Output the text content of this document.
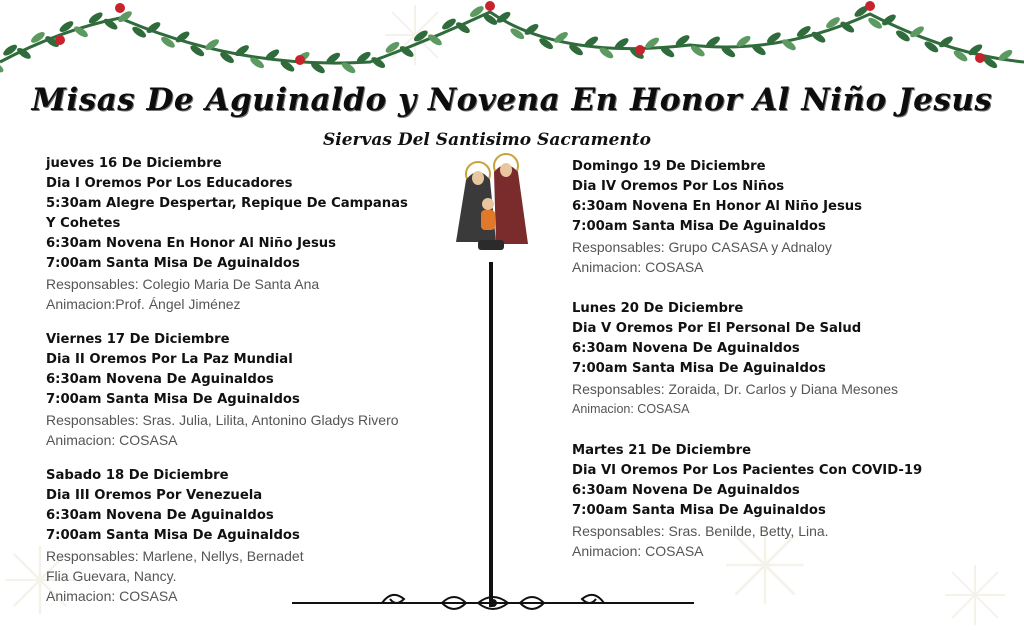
Misas De Aguinaldo y Novena En Honor Al Niño Jesus
Siervas Del Santisimo Sacramento
jueves 16 De Diciembre
Dia I Oremos Por Los Educadores
5:30am Alegre Despertar, Repique De Campanas
Y Cohetes
6:30am Novena En Honor Al Niño Jesus
7:00am Santa Misa De Aguinaldos
Responsables: Colegio Maria De Santa Ana
Animacion:Prof. Ángel Jiménez
Viernes 17 De Diciembre
Dia II Oremos Por La Paz Mundial
6:30am Novena De Aguinaldos
7:00am Santa Misa De Aguinaldos
Responsables: Sras. Julia, Lilita, Antonino Gladys Rivero
Animacion: COSASA
Sabado 18 De Diciembre
Dia III Oremos Por Venezuela
6:30am Novena De Aguinaldos
7:00am Santa Misa De Aguinaldos
Responsables: Marlene, Nellys, Bernadet
Flia Guevara, Nancy.
Animacion: COSASA
Domingo 19 De Diciembre
Dia IV Oremos Por Los Niños
6:30am Novena En Honor Al Niño Jesus
7:00am Santa Misa De Aguinaldos
Responsables: Grupo CASASA y Adnaloy
Animacion: COSASA
Lunes 20 De Diciembre
Dia V Oremos Por El Personal De Salud
6:30am Novena De Aguinaldos
7:00am Santa Misa De Aguinaldos
Responsables: Zoraida, Dr. Carlos y Diana Mesones
Animacion: COSASA
Martes 21 De Diciembre
Dia VI Oremos Por Los Pacientes Con COVID-19
6:30am Novena De Aguinaldos
7:00am Santa Misa De Aguinaldos
Responsables: Sras. Benilde, Betty, Lina.
Animacion: COSASA
